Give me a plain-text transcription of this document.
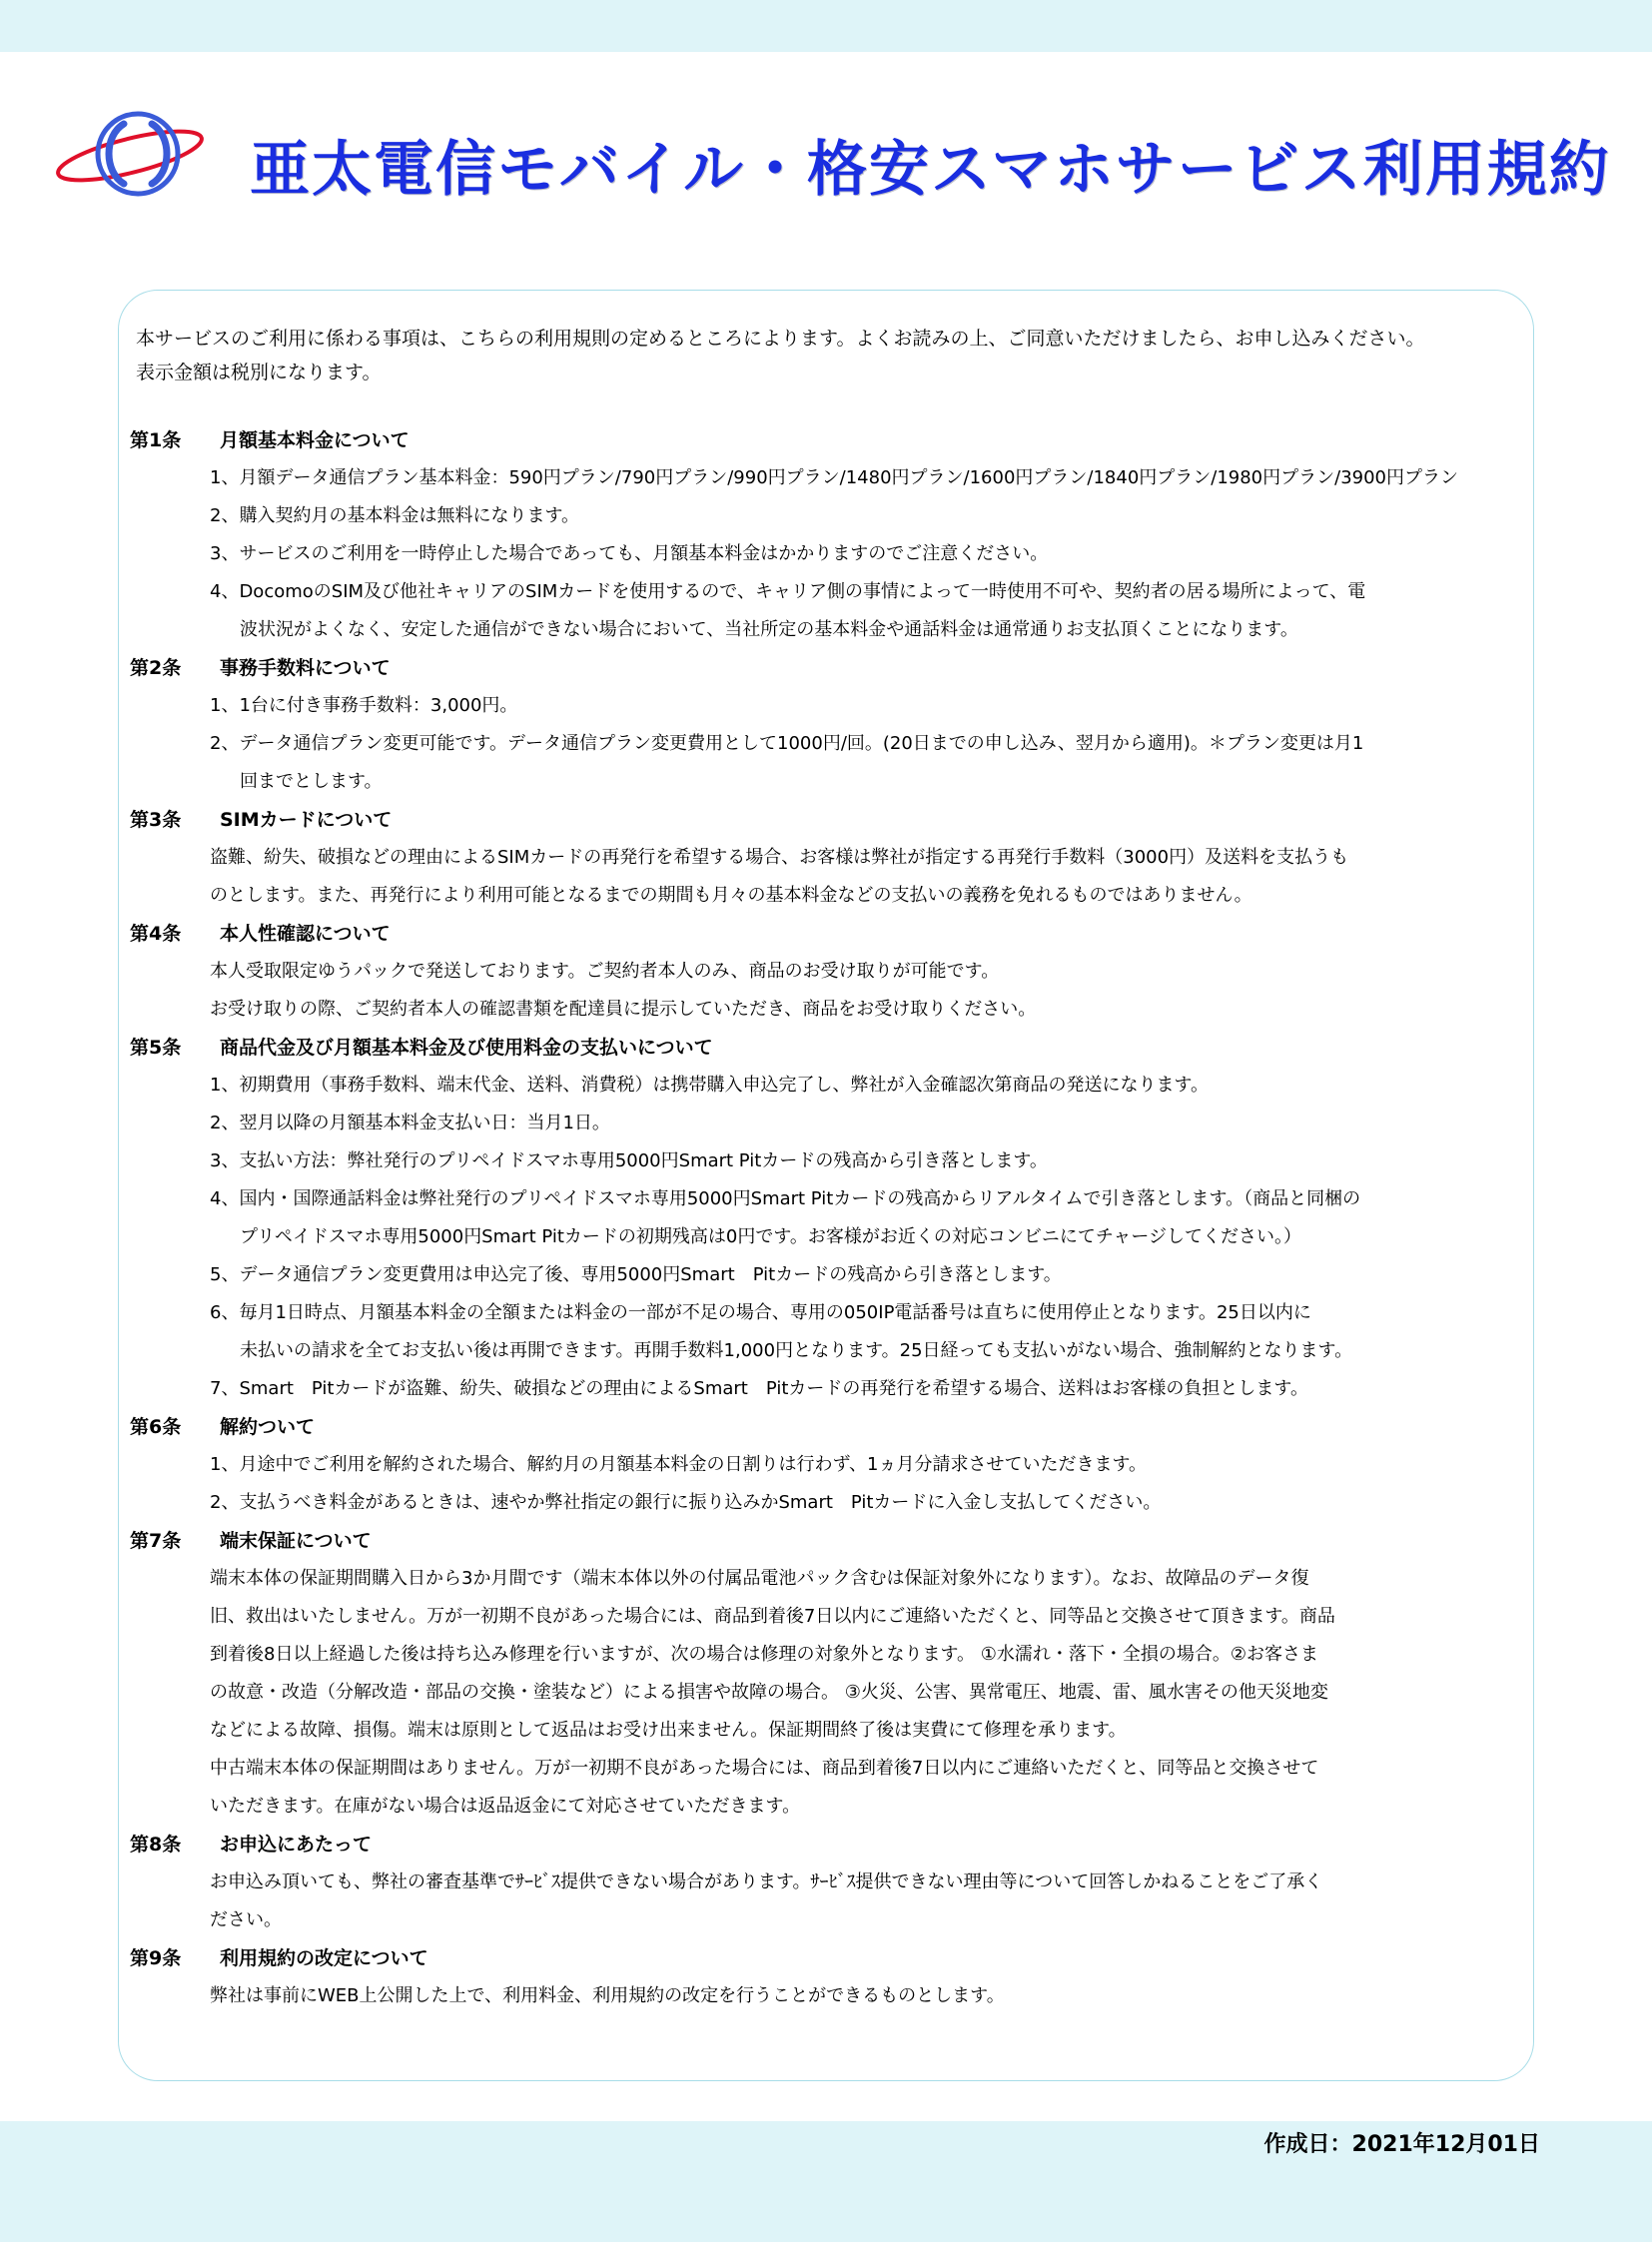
亜太電信モバイル・格安スマホサービス利用規約
本サービスのご利用に係わる事項は、こちらの利用規則の定めるところによります。よくお読みの上、ご同意いただけましたら、お申し込みください。
表示金額は税別になります。
第1条 月額基本料金について
1、月額データ通信プラン基本料金：590円プラン/790円プラン/990円プラン/1480円プラン/1600円プラン/1840円プラン/1980円プラン/3900円プラン
2、購入契約月の基本料金は無料になります。
3、サービスのご利用を一時停止した場合であっても、月額基本料金はかかりますのでご注意ください。
4、DocomoのSIM及び他社キャリアのSIMカードを使用するので、キャリア側の事情によって一時使用不可や、契約者の居る場所によって、電
波状況がよくなく、安定した通信ができない場合において、当社所定の基本料金や通話料金は通常通りお支払頂くことになります。
第2条 事務手数料について
1、1台に付き事務手数料：3,000円。
2、データ通信プラン変更可能です。データ通信プラン変更費用として1000円/回。(20日までの申し込み、翌月から適用)。＊プラン変更は月1
回までとします。
第3条 SIMカードについて
盗難、紛失、破損などの理由によるSIMカードの再発行を希望する場合、お客様は弊社が指定する再発行手数料（3000円）及送料を支払うも
のとします。また、再発行により利用可能となるまでの期間も月々の基本料金などの支払いの義務を免れるものではありません。
第4条 本人性確認について
本人受取限定ゆうパックで発送しております。ご契約者本人のみ、商品のお受け取りが可能です。
お受け取りの際、ご契約者本人の確認書類を配達員に提示していただき、商品をお受け取りください。
第5条 商品代金及び月額基本料金及び使用料金の支払いについて
1、初期費用（事務手数料、端末代金、送料、消費税）は携帯購入申込完了し、弊社が入金確認次第商品の発送になります。
2、翌月以降の月額基本料金支払い日：当月1日。
3、支払い方法：弊社発行のプリペイドスマホ専用5000円Smart Pitカードの残高から引き落とします。
4、国内・国際通話料金は弊社発行のプリペイドスマホ専用5000円Smart Pitカードの残高からリアルタイムで引き落とします。（商品と同梱の
プリペイドスマホ専用5000円Smart Pitカードの初期残高は0円です。お客様がお近くの対応コンビニにてチャージしてください。）
5、データ通信プラン変更費用は申込完了後、専用5000円Smart　Pitカードの残高から引き落とします。
6、毎月1日時点、月額基本料金の全額または料金の一部が不足の場合、専用の050IP電話番号は直ちに使用停止となります。25日以内に
未払いの請求を全てお支払い後は再開できます。再開手数料1,000円となります。25日経っても支払いがない場合、強制解約となります。
7、Smart　Pitカードが盗難、紛失、破損などの理由によるSmart　Pitカードの再発行を希望する場合、送料はお客様の負担とします。
第6条 解約ついて
1、月途中でご利用を解約された場合、解約月の月額基本料金の日割りは行わず、1ヵ月分請求させていただきます。
2、支払うべき料金があるときは、速やか弊社指定の銀行に振り込みかSmart　Pitカードに入金し支払してください。
第7条 端末保証について
端末本体の保証期間購入日から3か月間です（端末本体以外の付属品電池パック含むは保証対象外になります）。なお、故障品のデータ復
旧、救出はいたしません。万が一初期不良があった場合には、商品到着後7日以内にご連絡いただくと、同等品と交換させて頂きます。商品
到着後8日以上経過した後は持ち込み修理を行いますが、次の場合は修理の対象外となります。 ①水濡れ・落下・全損の場合。②お客さま
の故意・改造（分解改造・部品の交換・塗装など）による損害や故障の場合。 ③火災、公害、異常電圧、地震、雷、風水害その他天災地変
などによる故障、損傷。端末は原則として返品はお受け出来ません。保証期間終了後は実費にて修理を承ります。
中古端末本体の保証期間はありません。万が一初期不良があった場合には、商品到着後7日以内にご連絡いただくと、同等品と交換させて
いただきます。在庫がない場合は返品返金にて対応させていただきます。
第8条 お申込にあたって
お申込み頂いても、弊社の審査基準でｻｰﾋﾞｽ提供できない場合があります。ｻｰﾋﾞｽ提供できない理由等について回答しかねることをご了承く
ださい。
第9条 利用規約の改定について
弊社は事前にWEB上公開した上で、利用料金、利用規約の改定を行うことができるものとします。
作成日：2021年12月01日
